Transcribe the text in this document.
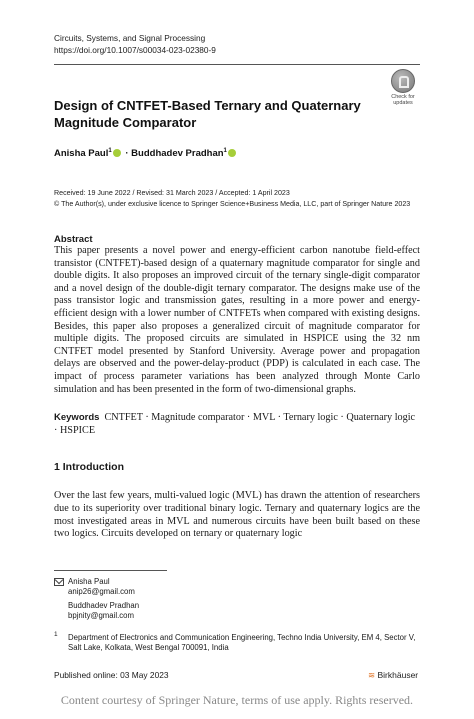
Circuits, Systems, and Signal Processing
https://doi.org/10.1007/s00034-023-02380-9
Check for
updates
Design of CNTFET-Based Ternary and Quaternary Magnitude Comparator
Anisha Paul$^1$ · Buddhadev Pradhan$^1$
Received: 19 June 2022 / Revised: 31 March 2023 / Accepted: 1 April 2023
© The Author(s), under exclusive licence to Springer Science+Business Media, LLC, part of Springer Nature 2023
Abstract
This paper presents a novel power and energy-efficient carbon nanotube field-effect transistor (CNTFET)-based design of a quaternary magnitude comparator for single and double digits. It also proposes an improved circuit of the ternary single-digit comparator and a novel design of the double-digit ternary comparator. The designs make use of the pass transistor logic and transmission gates, resulting in a more power and energy-efficient design with a lower number of CNTFETs when compared with existing designs. Besides, this paper also proposes a generalized circuit of magnitude comparator for multiple digits. The proposed circuits are simulated in HSPICE using the 32 nm CNTFET model presented by Stanford University. Average power and propagation delays are observed and the power-delay-product (PDP) is calculated in each case. The impact of process parameter variations has been analyzed through Monte Carlo simulation and has been presented in the form of two-dimensional graphs.
Keywords CNTFET · Magnitude comparator · MVL · Ternary logic · Quaternary logic · HSPICE
1 Introduction
Over the last few years, multi-valued logic (MVL) has drawn the attention of researchers due to its superiority over traditional binary logic. Ternary and quaternary logics are the most investigated areas in MVL and numerous circuits have been built based on these two logics. Circuits developed on ternary or quaternary logic
Anisha Paul
anip26@gmail.com
Buddhadev Pradhan
bpjnity@gmail.com
1 Department of Electronics and Communication Engineering, Techno India University, EM 4, Sector V, Salt Lake, Kolkata, West Bengal 700091, India
Published online: 03 May 2023	≋ Birkhäuser
Content courtesy of Springer Nature, terms of use apply. Rights reserved.
